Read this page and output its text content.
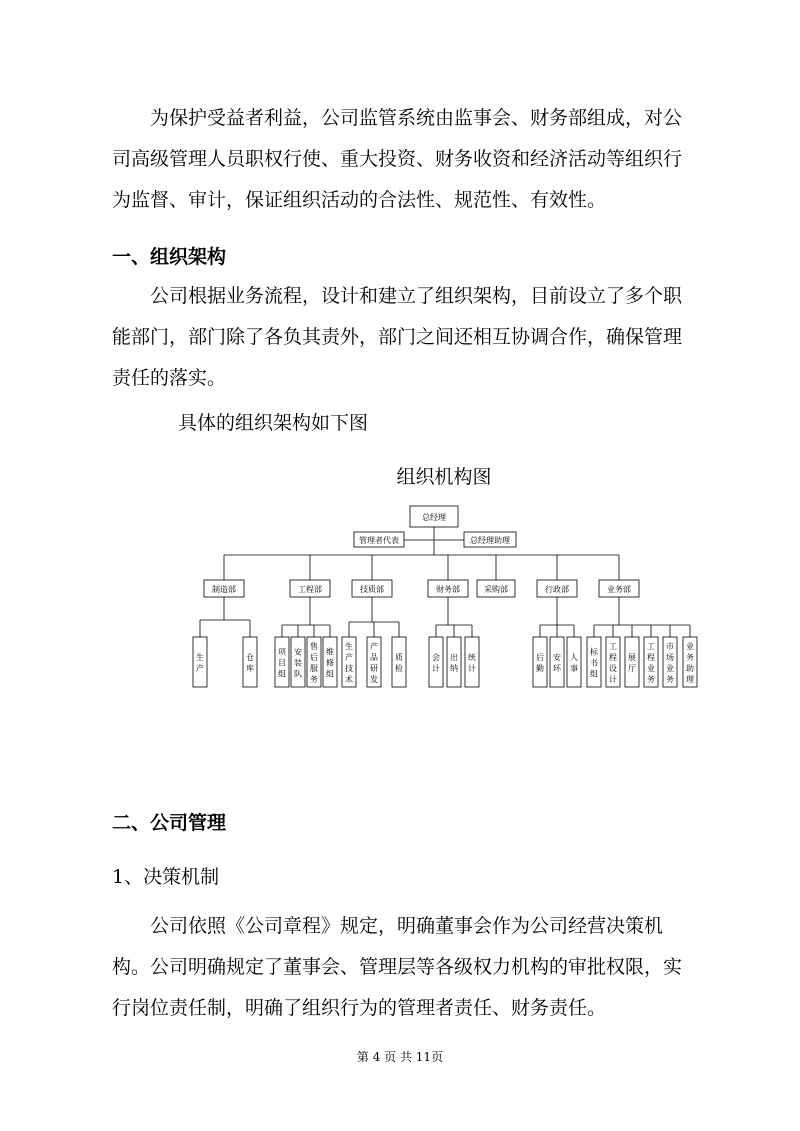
为保护受益者利益，公司监管系统由监事会、财务部组成，对公
司高级管理人员职权行使、重大投资、财务收资和经济活动等组织行
为监督、审计，保证组织活动的合法性、规范性、有效性。

一、组织架构

公司根据业务流程，设计和建立了组织架构，目前设立了多个职
能部门，部门除了各负其责外，部门之间还相互协调合作，确保管理
责任的落实。

具体的组织架构如下图

组织机构图
总经理
管理者代表	总经理助理
制造部	工程部	技质部	财务部	采购部	行政部	业务部
生产
仓库
项目组
安装队
售后服务
维修组
生产技术
产品研发
质检
会计
出纳
统计
后勤
安环
人事
标书组
工程设计
展厅
工程业务
市场业务
业务助理

二、公司管理

1、决策机制

公司依照《公司章程》规定，明确董事会作为公司经营决策机
构。公司明确规定了董事会、管理层等各级权力机构的审批权限，实
行岗位责任制，明确了组织行为的管理者责任、财务责任。
第 4 页 共 11页
